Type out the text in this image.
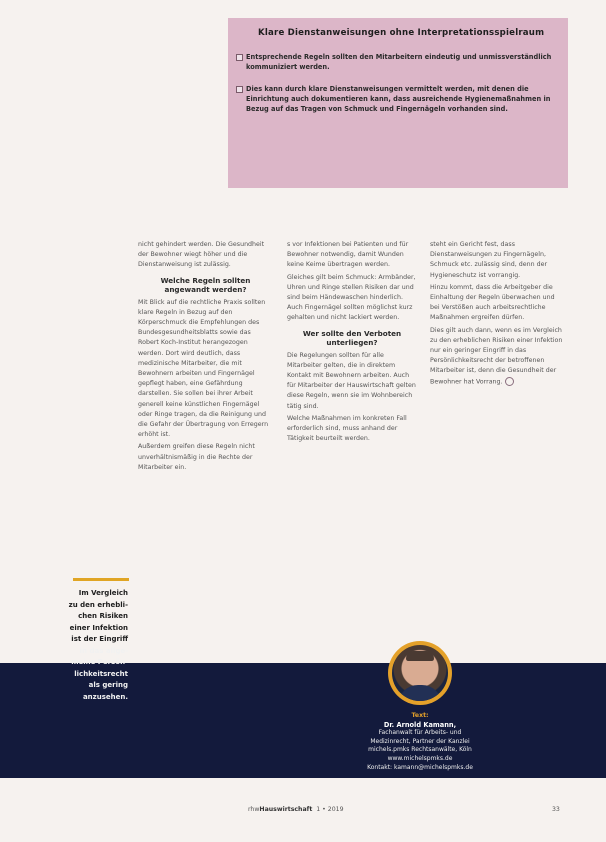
Klare Dienstanweisungen ohne Interpretationsspielraum
Entsprechende Regeln sollten den Mitarbeitern eindeutig und unmissverständlich kommuniziert werden.
Dies kann durch klare Dienstanweisungen vermittelt werden, mit denen die Einrichtung auch dokumentieren kann, dass ausreichende Hygienemaßnahmen in Bezug auf das Tragen von Schmuck und Fingernägeln vorhanden sind.

nicht gehindert werden. Die Gesundheit der Bewohner wiegt höher und die Dienstanweisung ist zulässig.

Welche Regeln sollten angewandt werden?

Mit Blick auf die rechtliche Praxis sollten klare Regeln in Bezug auf den Körperschmuck die Empfehlungen des Bundesgesundheitsblatts sowie das Robert Koch-Institut herangezogen werden. Dort wird deutlich, dass medizinische Mitarbeiter, die mit Bewohnern arbeiten und Fingernägel gepflegt haben, eine Gefährdung darstellen. Sie sollen bei ihrer Arbeit generell keine künstlichen Fingernägel oder Ringe tragen, da die Reinigung und die Gefahr der Übertragung von Erregern erhöht ist.

Außerdem greifen diese Regeln nicht unverhältnismäßig in die Rechte der Mitarbeiter ein.

s vor Infektionen bei Patienten und für Bewohner notwendig, damit Wunden keine Keime übertragen werden.

Gleiches gilt beim Schmuck: Armbänder, Uhren und Ringe stellen Risiken dar und sind beim Händewaschen hinderlich. Auch Fingernägel sollten möglichst kurz gehalten und nicht lackiert werden.

Wer sollte den Verboten unterliegen?

Die Regelungen sollten für alle Mitarbeiter gelten, die in direktem Kontakt mit Bewohnern arbeiten. Auch für Mitarbeiter der Hauswirtschaft gelten diese Regeln, wenn sie im Wohnbereich tätig sind.

Welche Maßnahmen im konkreten Fall erforderlich sind, muss anhand der Tätigkeit beurteilt werden.

steht ein Gericht fest, dass Dienstanweisungen zu Fingernägeln, Schmuck etc. zulässig sind, denn der Hygieneschutz ist vorrangig.

Hinzu kommt, dass die Arbeitgeber die Einhaltung der Regeln überwachen und bei Verstößen auch arbeitsrechtliche Maßnahmen ergreifen dürfen.

Dies gilt auch dann, wenn es im Vergleich zu den erheblichen Risiken einer Infektion nur ein geringer Eingriff in das Persönlichkeitsrecht der betroffenen Mitarbeiter ist, denn die Gesundheit der Bewohner hat Vorrang.

Im Vergleich
zu den erhebli-
chen Risiken
einer Infektion
ist der Eingriff
in das allge-
meine Persön-
lichkeitsrecht
als gering
anzusehen.
Text:
Dr. Arnold Kamann,
Fachanwalt für Arbeits- und
Medizinrecht, Partner der Kanzlei
michels.pmks Rechtsanwälte, Köln
www.michelspmks.de
Kontakt: kamann@michelspmks.de
rhwHauswirtschaft 1 • 2019	33
